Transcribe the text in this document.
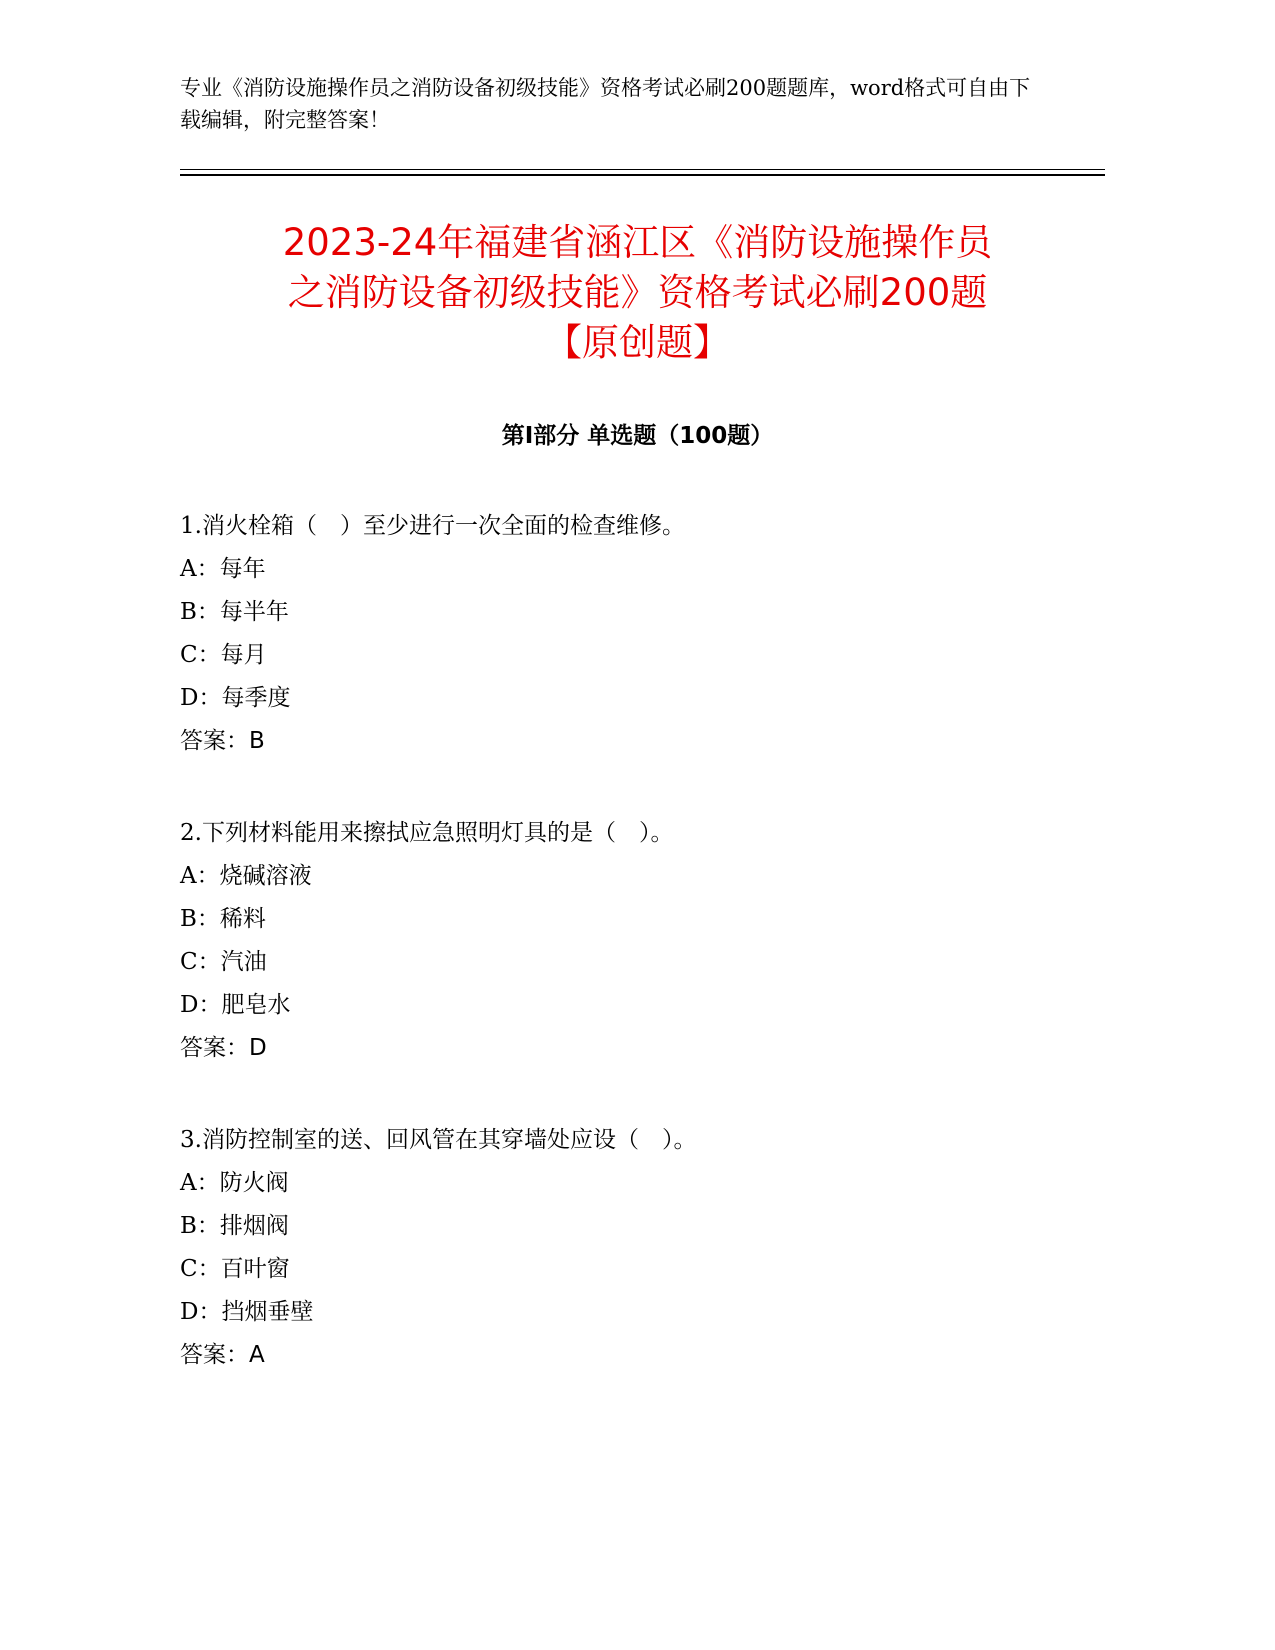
专业《消防设施操作员之消防设备初级技能》资格考试必刷200题题库，word格式可自由下载编辑，附完整答案！

2023-24年福建省涵江区《消防设施操作员
之消防设备初级技能》资格考试必刷200题
【原创题】
第Ⅰ部分 单选题（100题）
1.消火栓箱（　）至少进行一次全面的检查维修。
A：每年
B：每半年
C：每月
D：每季度
答案：B
2.下列材料能用来擦拭应急照明灯具的是（　）。
A：烧碱溶液
B：稀料
C：汽油
D：肥皂水
答案：D
3.消防控制室的送、回风管在其穿墙处应设（　）。
A：防火阀
B：排烟阀
C：百叶窗
D：挡烟垂壁
答案：A
